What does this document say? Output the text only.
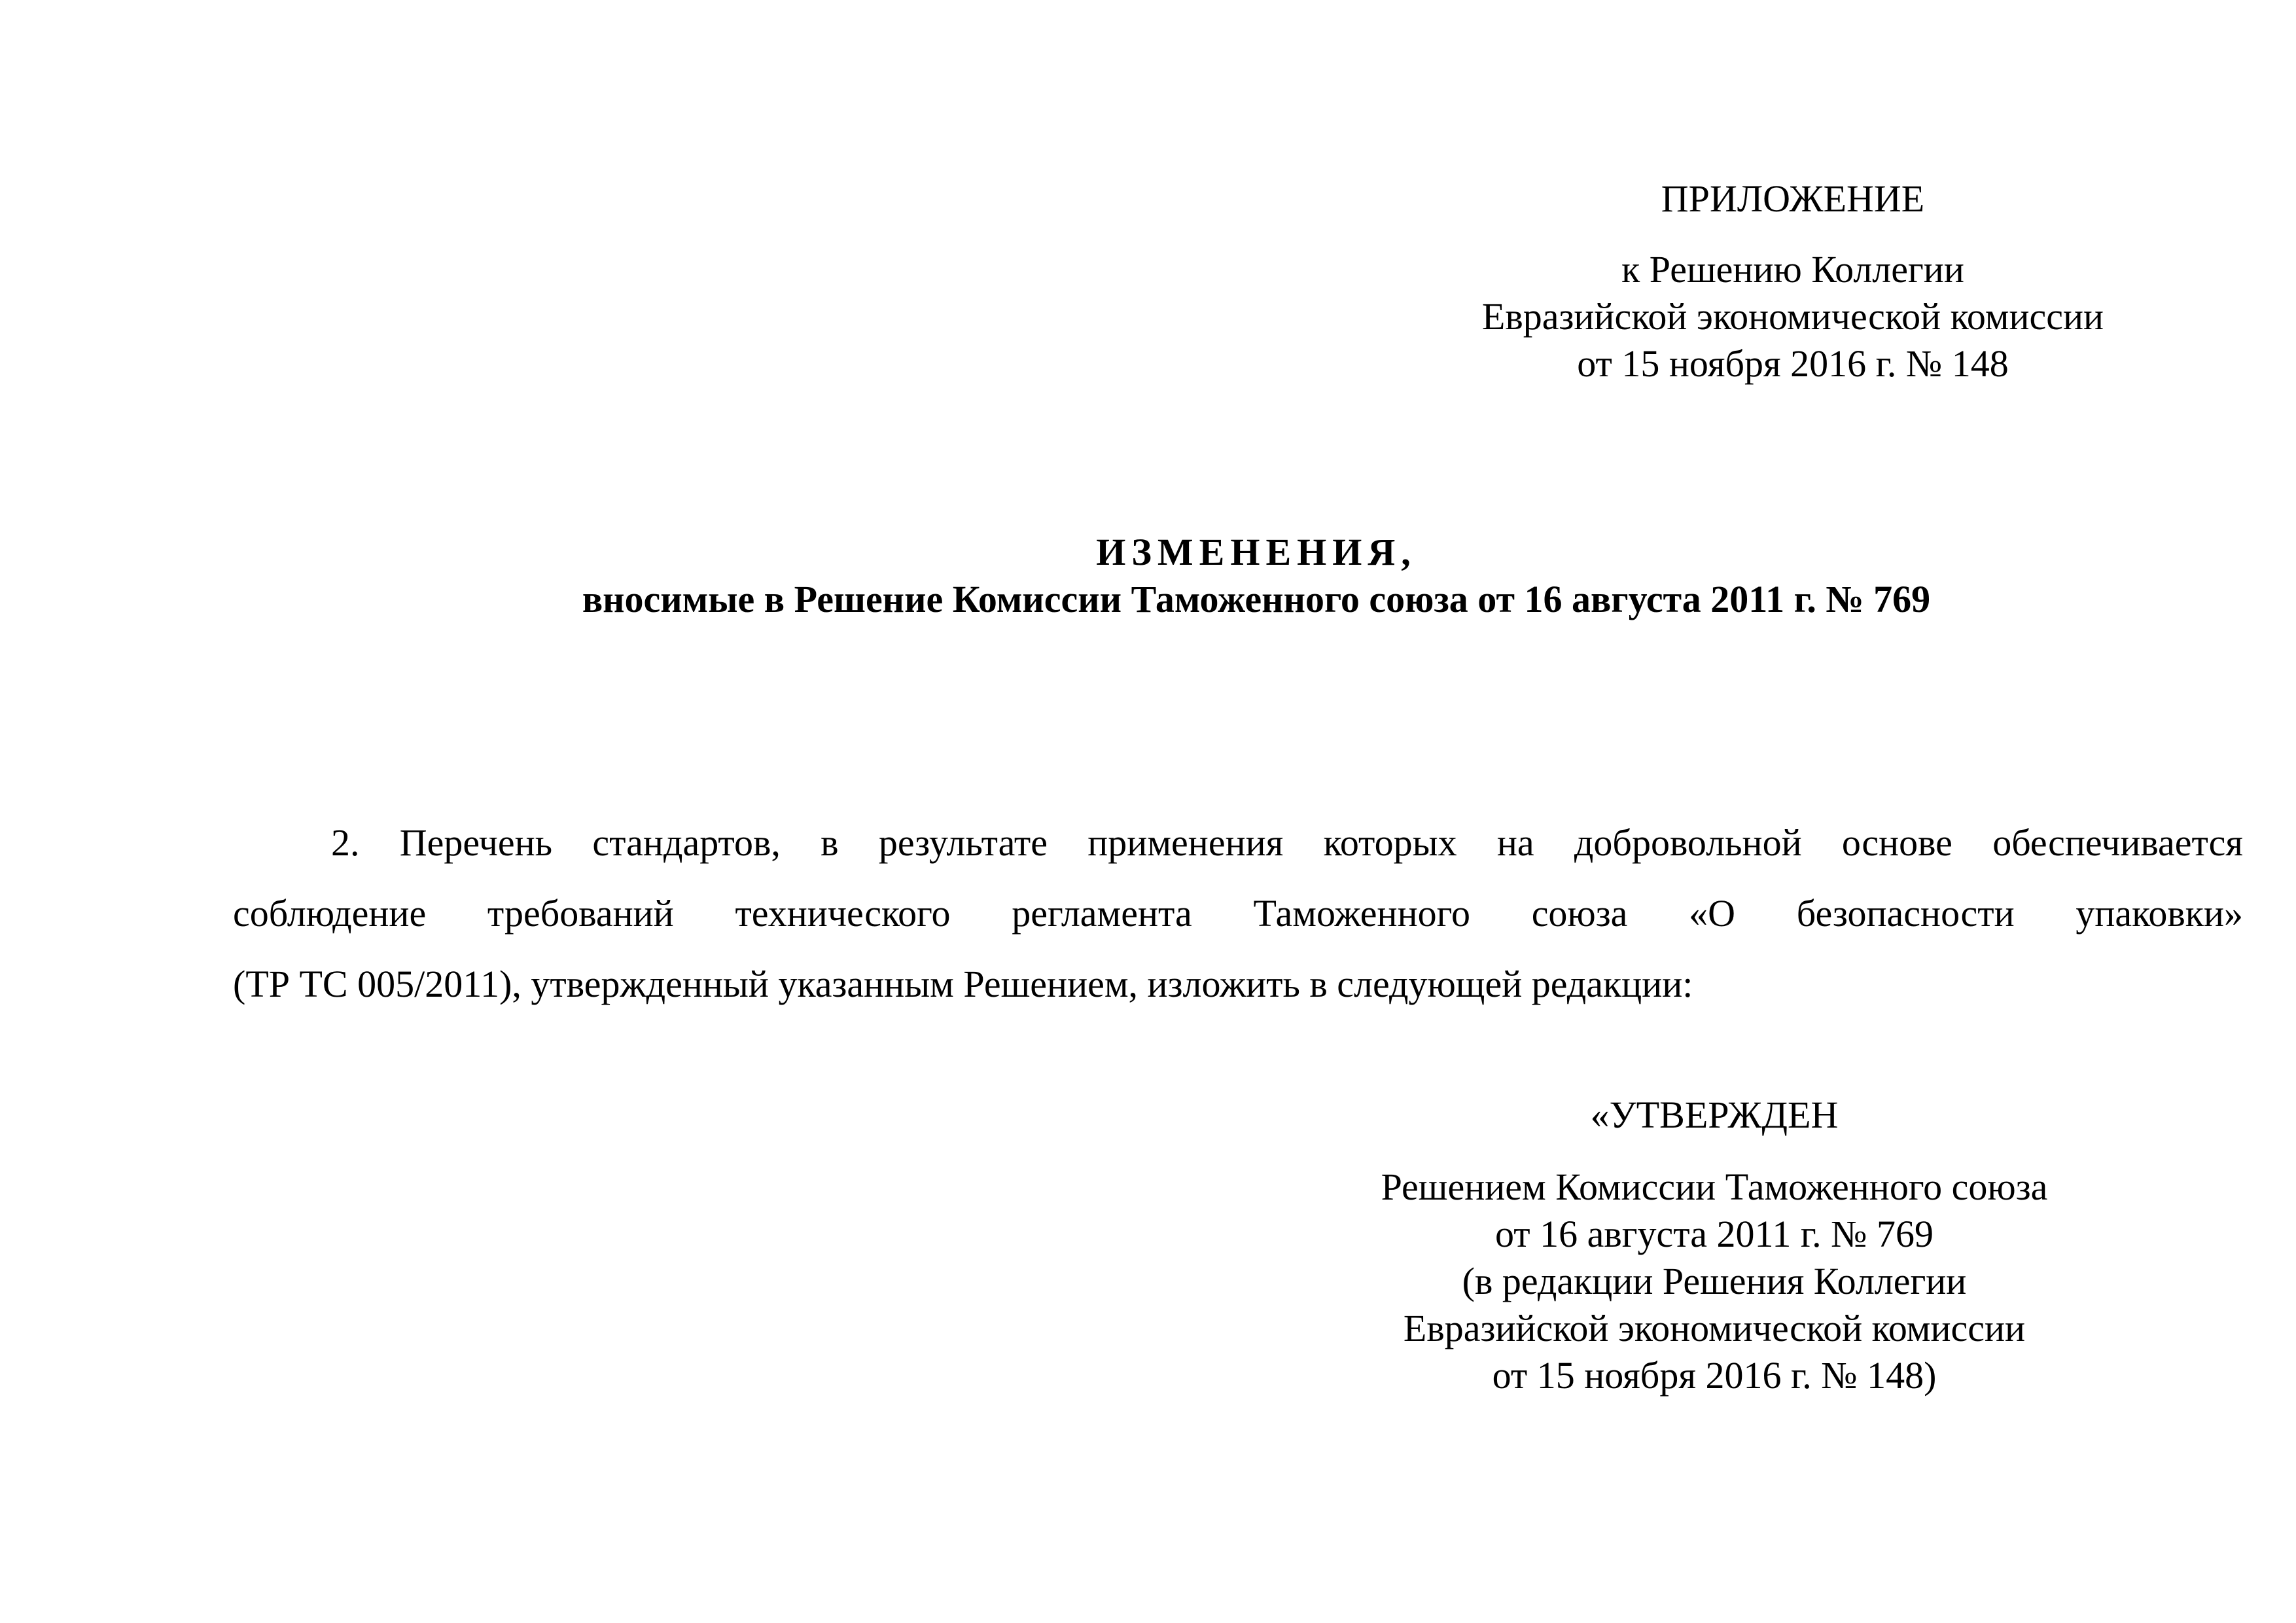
ПРИЛОЖЕНИЕ
к Решению Коллегии
Евразийской экономической комиссии
от 15 ноября 2016 г. № 148
ИЗМЕНЕНИЯ,
вносимые в Решение Комиссии Таможенного союза от 16 августа 2011 г. № 769
2. Перечень стандартов, в результате применения которых на добровольной основе обеспечивается
соблюдение требований технического регламента Таможенного союза «О безопасности упаковки»
(ТР ТС 005/2011), утвержденный указанным Решением, изложить в следующей редакции:
«УТВЕРЖДЕН
Решением Комиссии Таможенного союза
от 16 августа 2011 г. № 769
(в редакции Решения Коллегии
Евразийской экономической комиссии
от 15 ноября 2016 г. № 148)
